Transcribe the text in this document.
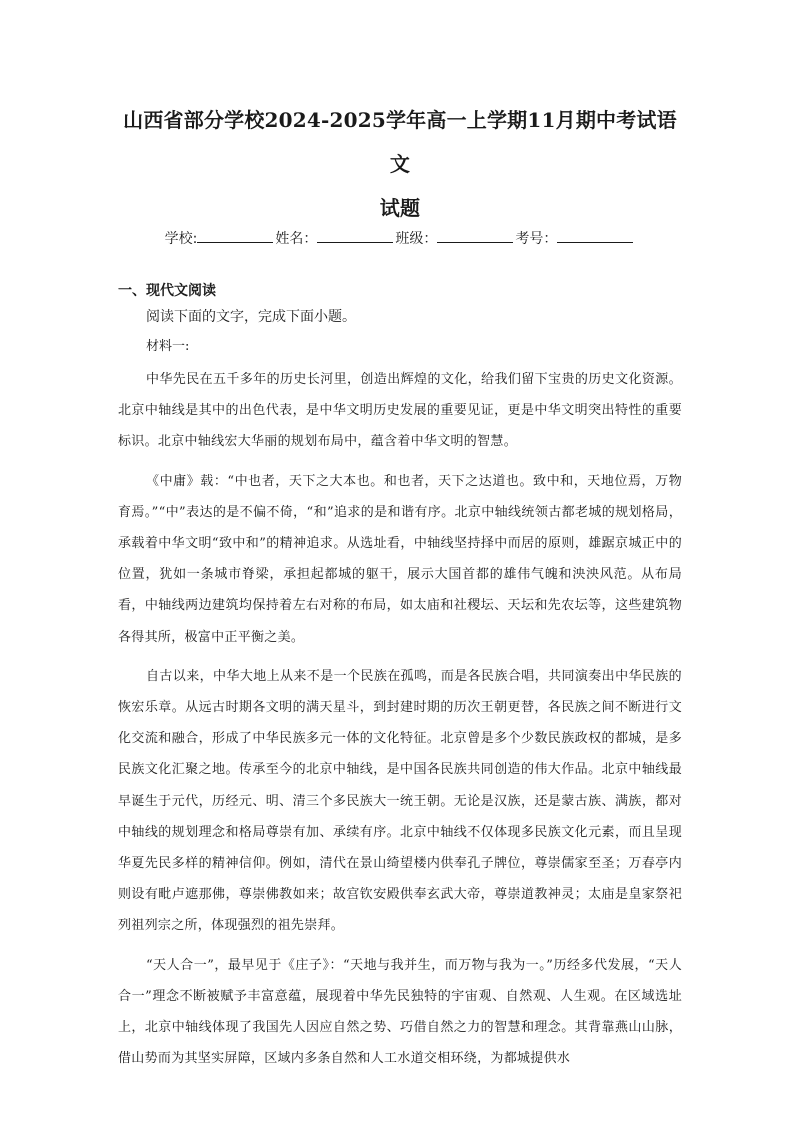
山西省部分学校2024-2025学年高一上学期11月期中考试语文
试题
学校:	姓名：	班级：	考号：
一、现代文阅读
阅读下面的文字，完成下面小题。
材料一:

中华先民在五千多年的历史长河里，创造出辉煌的文化，给我们留下宝贵的历史文化资源。北京中轴线是其中的出色代表，是中华文明历史发展的重要见证，更是中华文明突出特性的重要标识。北京中轴线宏大华丽的规划布局中，蕴含着中华文明的智慧。

《中庸》载：“中也者，天下之大本也。和也者，天下之达道也。致中和，天地位焉，万物育焉。”“中”表达的是不偏不倚，“和”追求的是和谐有序。北京中轴线统领古都老城的规划格局，承载着中华文明“致中和”的精神追求。从选址看，中轴线坚持择中而居的原则，雄踞京城正中的位置，犹如一条城市脊梁，承担起都城的躯干，展示大国首都的雄伟气魄和泱泱风范。从布局看，中轴线两边建筑均保持着左右对称的布局，如太庙和社稷坛、天坛和先农坛等，这些建筑物各得其所，极富中正平衡之美。

自古以来，中华大地上从来不是一个民族在孤鸣，而是各民族合唱，共同演奏出中华民族的恢宏乐章。从远古时期各文明的满天星斗，到封建时期的历次王朝更替，各民族之间不断进行文化交流和融合，形成了中华民族多元一体的文化特征。北京曾是多个少数民族政权的都城，是多民族文化汇聚之地。传承至今的北京中轴线，是中国各民族共同创造的伟大作品。北京中轴线最早诞生于元代，历经元、明、清三个多民族大一统王朝。无论是汉族，还是蒙古族、满族，都对中轴线的规划理念和格局尊崇有加、承续有序。北京中轴线不仅体现多民族文化元素，而且呈现华夏先民多样的精神信仰。例如，清代在景山绮望楼内供奉孔子牌位，尊崇儒家至圣；万春亭内则设有毗卢遮那佛，尊崇佛教如来；故宫钦安殿供奉玄武大帝，尊崇道教神灵；太庙是皇家祭祀列祖列宗之所，体现强烈的祖先崇拜。

“天人合一”，最早见于《庄子》：“天地与我并生，而万物与我为一。”历经多代发展，“天人合一”理念不断被赋予丰富意蕴，展现着中华先民独特的宇宙观、自然观、人生观。在区域选址上，北京中轴线体现了我国先人因应自然之势、巧借自然之力的智慧和理念。其背靠燕山山脉，借山势而为其坚实屏障，区域内多条自然和人工水道交相环绕，为都城提供水
